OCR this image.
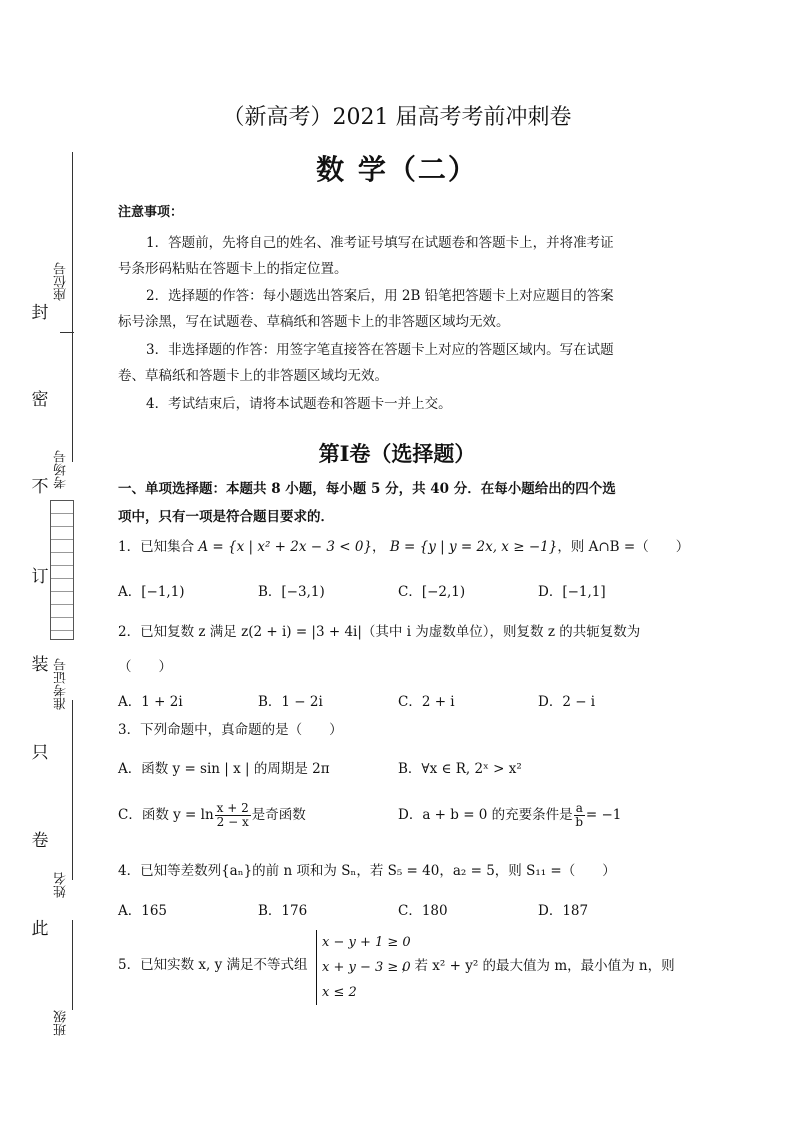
（新高考）2021 届高考考前冲刺卷
数 学（二）
封
密
不
订
装
只
卷
此
座位号
考场号
准考证号
姓名
班级
注意事项：
1．答题前，先将自己的姓名、准考证号填写在试题卷和答题卡上，并将准考证
号条形码粘贴在答题卡上的指定位置。
2．选择题的作答：每小题选出答案后，用 2B 铅笔把答题卡上对应题目的答案
标号涂黑，写在试题卷、草稿纸和答题卡上的非答题区域均无效。
3．非选择题的作答：用签字笔直接答在答题卡上对应的答题区域内。写在试题
卷、草稿纸和答题卡上的非答题区域均无效。
4．考试结束后，请将本试题卷和答题卡一并上交。
第Ⅰ卷（选择题）
一、单项选择题：本题共 8 小题，每小题 5 分，共 40 分．在每小题给出的四个选
项中，只有一项是符合题目要求的．
1．已知集合 A = {x | x² + 2x − 3 < 0}， B = {y | y = 2x, x ≥ −1}，则 A∩B =（　　）
A．[−1,1)	B．[−3,1)	C．[−2,1)	D．[−1,1]
2．已知复数 z 满足 z(2 + i) = |3 + 4i|（其中 i 为虚数单位），则复数 z 的共轭复数为
（　　）
A．1 + 2i	B．1 − 2i	C．2 + i	D．2 − i
3．下列命题中，真命题的是（　　）
A．函数 y = sin | x | 的周期是 2π	B．∀x ∈ R, 2ˣ > x²
C．函数 $y = \ln \frac{x + 2}{2 - x}$ 是奇函数	D．a + b = 0 的充要条件是 $\frac{a}{b} = -1$
4．已知等差数列{aₙ}的前 n 项和为 Sₙ，若 S₅ = 40，a₂ = 5，则 S₁₁ =（　　）
A．165	B．176	C．180	D．187
5．已知实数 x, y 满足不等式组
x − y + 1 ≥ 0
x + y − 3 ≥ 0
x ≤ 2
，若 x² + y² 的最大值为 m，最小值为 n，则
